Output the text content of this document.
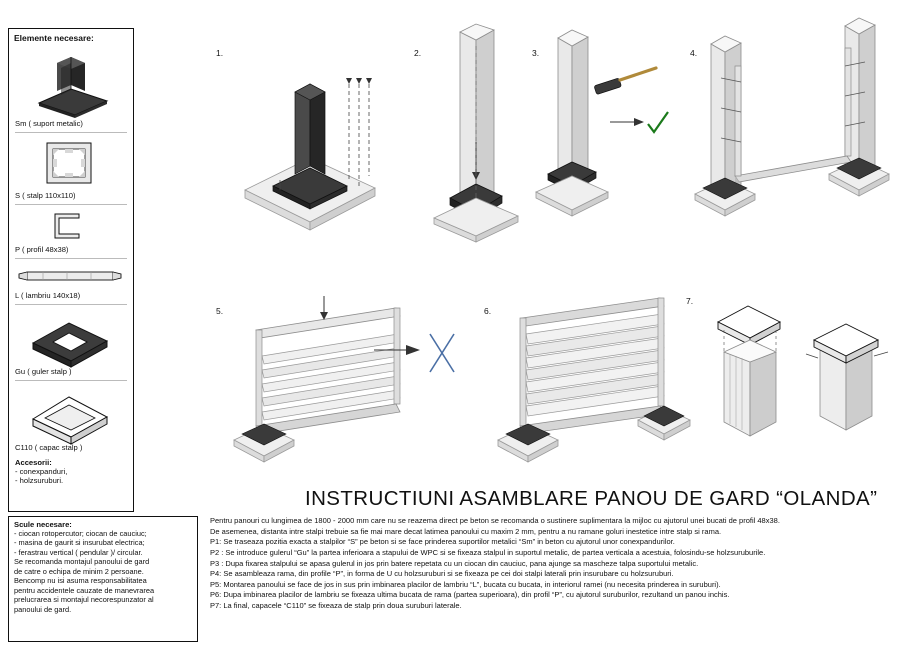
Elemente necesare:
Sm ( suport metalic)
S ( stalp 110x110)
P ( profil 48x38)
L ( lambriu 140x18)
Gu ( guler stalp )
C110 ( capac stalp )
Accesorii:
- conexpanduri,
- holzsuruburi.
Scule necesare:
- ciocan rotopercutor; ciocan de cauciuc;
- masina de gaurit si insurubat electrica;
- ferastrau vertical ( pendular )/ circular.
Se recomanda montajul panoului de gard
de catre o echipa de minim 2 persoane.
Bencomp nu isi asuma responsabilitatea
pentru accidentele cauzate de manevrarea
prelucrarea si montajul necorespunzator al
panoului de gard.
1.	2.	3.	4.
5.	6.
7.
INSTRUCTIUNI ASAMBLARE PANOU DE GARD “OLANDA”

Pentru panouri cu lungimea de 1800 - 2000 mm care nu se reazema direct pe beton se recomanda o sustinere suplimentara la mijloc cu ajutorul unei bucati de profil 48x38.

De asemenea, distanta intre stalpi trebuie sa fie mai mare decat latimea panoului cu maxim 2 mm, pentru a nu ramane goluri inestetice intre stalp si rama.

P1: Se traseaza pozitia exacta a stalpilor “S” pe beton si se face prinderea suportilor metalici “Sm” in beton cu ajutorul unor conexpandurilor.

P2 : Se introduce gulerul “Gu” la partea inferioara a stapului de WPC si se fixeaza stalpul in suportul metalic, de partea verticala a acestuia, folosindu-se holzsuruburile.

P3 : Dupa fixarea stalpului se apasa gulerul in jos prin batere repetata cu un ciocan din cauciuc, pana ajunge sa mascheze talpa suportului metalic.

P4: Se asambleaza rama, din profile “P”, in forma de U cu holzsuruburi si se fixeaza pe cei doi stalpi laterali prin insurubare cu holzsuruburi.

P5: Montarea panoului se face de jos in sus prin imbinarea placilor de lambriu “L”, bucata cu bucata, in interiorul ramei (nu necesita prinderea in suruburi).

P6: Dupa imbinarea placilor de lambriu se fixeaza ultima bucata de rama (partea superioara), din profil “P”, cu ajutorul suruburilor, rezultand un panou inchis.

P7: La final, capacele “C110” se fixeaza de stalp prin doua suruburi laterale.
